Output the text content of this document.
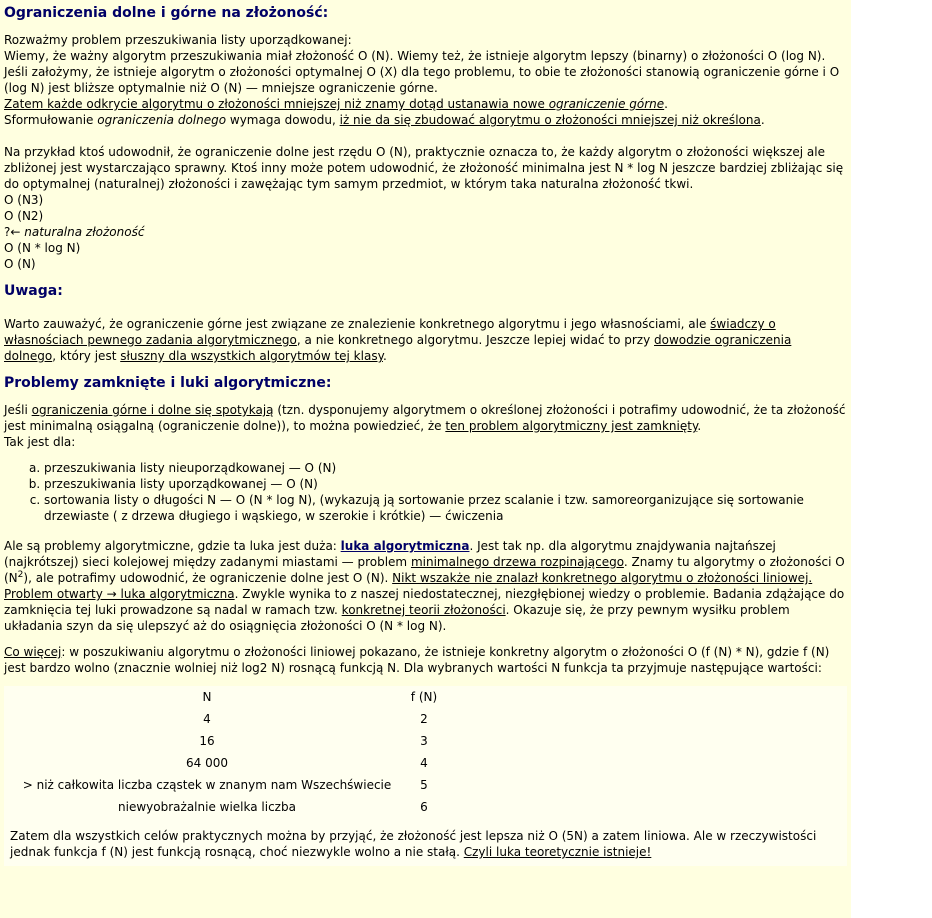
Ograniczenia dolne i górne na złożoność:

Rozważmy problem przeszukiwania listy uporządkowanej:

Wiemy, że ważny algorytm przeszukiwania miał złożoność O (N). Wiemy też, że istnieje algorytm lepszy (binarny) o złożoności O (log N). Jeśli założymy, że istnieje algorytm o złożoności optymalnej O (X) dla tego problemu, to obie te złożoności stanowią ograniczenie górne i O (log N) jest bliższe optymalnie niż O (N) — mniejsze ograniczenie górne.

Zatem każde odkrycie algorytmu o złożoności mniejszej niż znamy dotąd ustanawia nowe ograniczenie górne.

Sformułowanie ograniczenia dolnego wymaga dowodu, iż nie da się zbudować algorytmu o złożoności mniejszej niż określona.

Na przykład ktoś udowodnił, że ograniczenie dolne jest rzędu O (N), praktycznie oznacza to, że każdy algorytm o złożoności większej ale zbliżonej jest wystarczająco sprawny. Ktoś inny może potem udowodnić, że złożoność minimalna jest N * log N jeszcze bardziej zbliżając się do optymalnej (naturalnej) złożoności i zawężając tym samym przedmiot, w którym taka naturalna złożoność tkwi.

O (N3)

O (N2)

?← naturalna złożoność

O (N * log N)

O (N)

Uwaga:

Warto zauważyć, że ograniczenie górne jest związane ze znalezienie konkretnego algorytmu i jego własnościami, ale świadczy o własnościach pewnego zadania algorytmicznego, a nie konkretnego algorytmu. Jeszcze lepiej widać to przy dowodzie ograniczenia dolnego, który jest słuszny dla wszystkich algorytmów tej klasy.

Problemy zamknięte i luki algorytmiczne:

Jeśli ograniczenia górne i dolne się spotykają (tzn. dysponujemy algorytmem o określonej złożoności i potrafimy udowodnić, że ta złożoność jest minimalną osiągalną (ograniczenie dolne)), to można powiedzieć, że ten problem algorytmiczny jest zamknięty.

Tak jest dla:

a. przeszukiwania listy nieuporządkowanej — O (N)
b. przeszukiwania listy uporządkowanej — O (N)
c. sortowania listy o długości N — O (N * log N), (wykazują ją sortowanie przez scalanie i tzw. samoreorganizujące się sortowanie drzewiaste ( z drzewa długiego i wąskiego, w szerokie i krótkie) — ćwiczenia

Ale są problemy algorytmiczne, gdzie ta luka jest duża: luka algorytmiczna. Jest tak np. dla algorytmu znajdywania najtańszej (najkrótszej) sieci kolejowej między zadanymi miastami — problem minimalnego drzewa rozpinającego. Znamy tu algorytmy o złożoności O $(N^2)$, ale potrafimy udowodnić, że ograniczenie dolne jest O (N). Nikt wszakże nie znalazł konkretnego algorytmu o złożoności liniowej. Problem otwarty → luka algorytmiczna. Zwykle wynika to z naszej niedostatecznej, niezgłębionej wiedzy o problemie. Badania zdążające do zamknięcia tej luki prowadzone są nadal w ramach tzw. konkretnej teorii złożoności. Okazuje się, że przy pewnym wysiłku problem układania szyn da się ulepszyć aż do osiągnięcia złożoności O (N * log N).

Co więcej: w poszukiwaniu algorytmu o złożoności liniowej pokazano, że istnieje konkretny algorytm o złożoności O (f (N) * N), gdzie f (N) jest bardzo wolno (znacznie wolniej niż log2 N) rosnącą funkcją N. Dla wybranych wartości N funkcja ta przyjmuje następujące wartości:

N	f (N)
4	2
16	3
64 000	4
> niż całkowita liczba cząstek w znanym nam Wszechświecie	5
niewyobrażalnie wielka liczba	6

Zatem dla wszystkich celów praktycznych można by przyjąć, że złożoność jest lepsza niż O (5N) a zatem liniowa. Ale w rzeczywistości jednak funkcja f (N) jest funkcją rosnącą, choć niezwykle wolno a nie stałą. Czyli luka teoretycznie istnieje!
